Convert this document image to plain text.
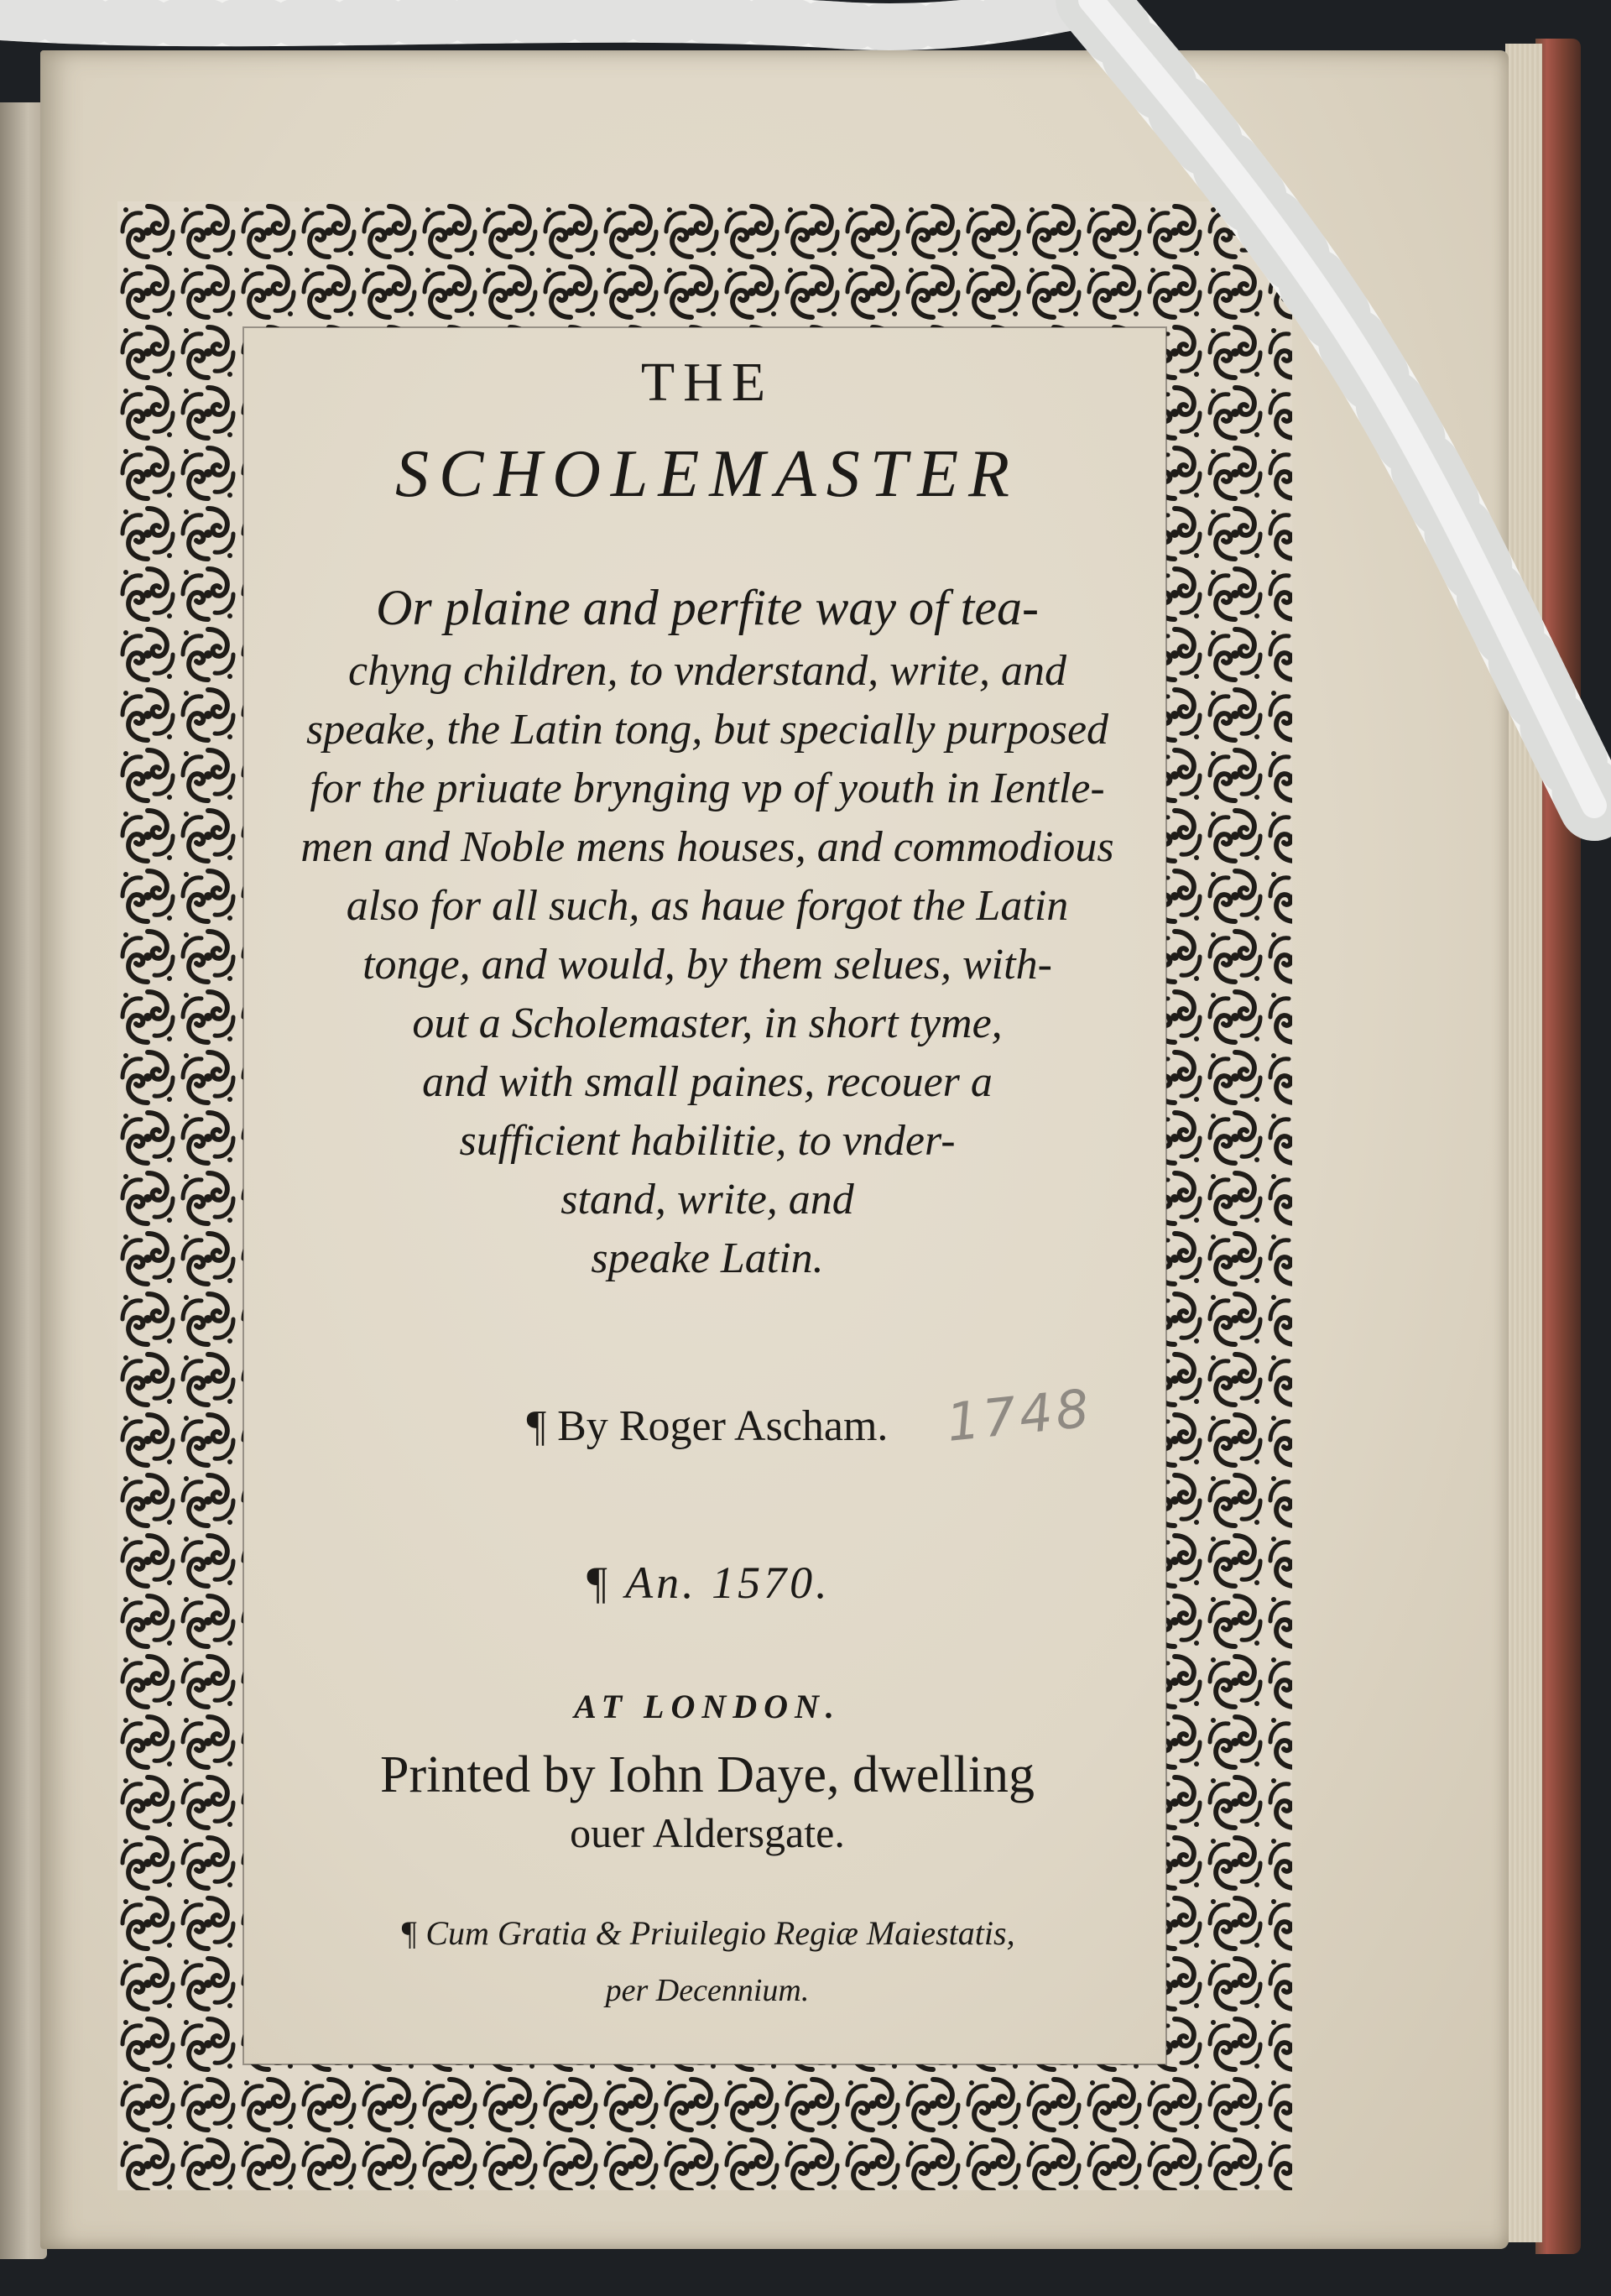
THE
SCHOLEMASTER
Or plaine and perfite way of tea-
chyng children, to vnderstand, write, and
speake, the Latin tong, but specially purposed
for the priuate brynging vp of youth in Ientle-
men and Noble mens houses, and commodious
also for all such, as haue forgot the Latin
tonge, and would, by them selues, with-
out a Scholemaster, in short tyme,
and with small paines, recouer a
sufficient habilitie, to vnder-
stand, write, and
speake Latin.
¶ By Roger Ascham.
¶ An. 1570.
AT LONDON.
Printed by Iohn Daye, dwelling
ouer Aldersgate.
¶ Cum Gratia & Priuilegio Regiæ Maiestatis,
per Decennium.
1748
